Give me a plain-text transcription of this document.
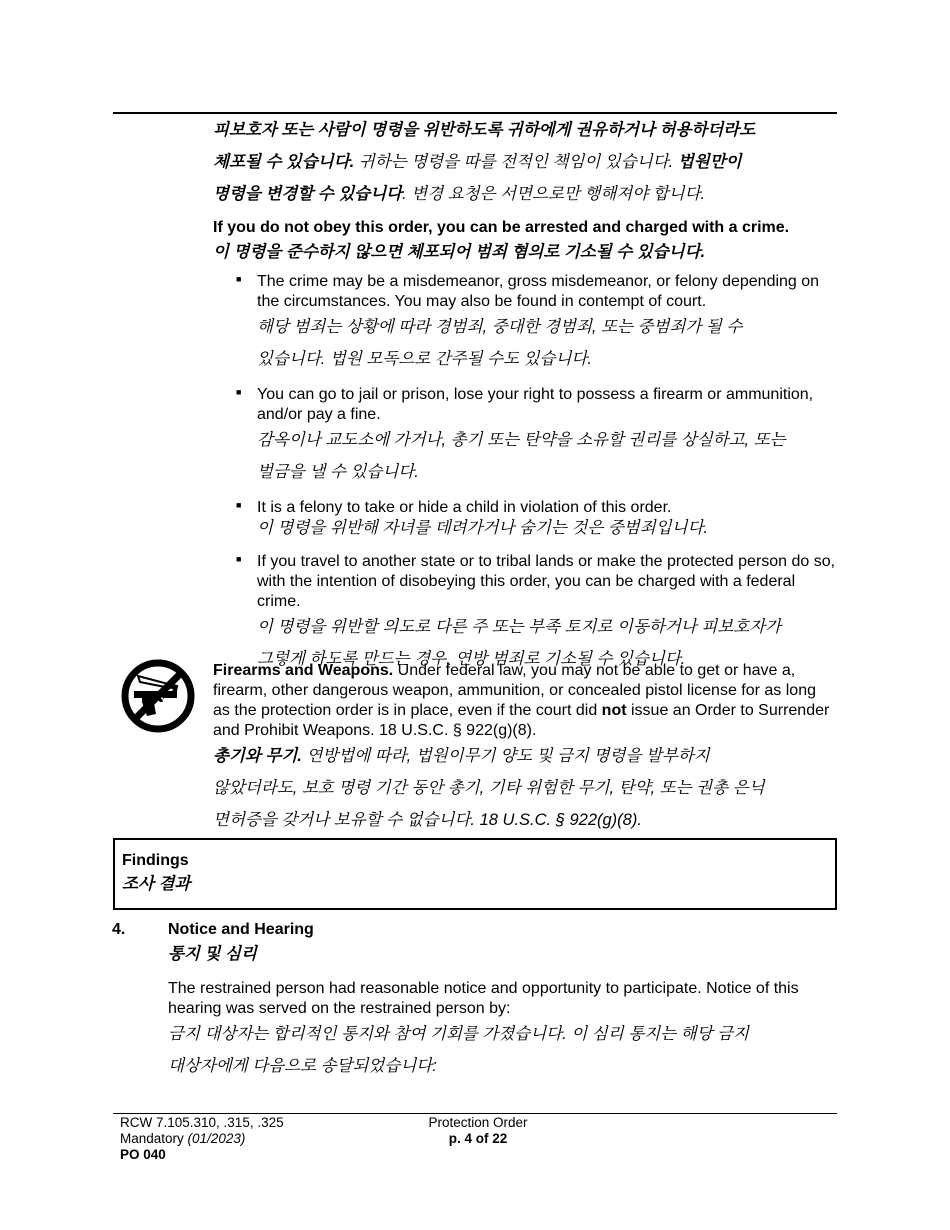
피보호자 또는 사람이 명령을 위반하도록 귀하에게 권유하거나 허용하더라도
체포될 수 있습니다. 귀하는 명령을 따를 전적인 책임이 있습니다. 법원만이
명령을 변경할 수 있습니다. 변경 요청은 서면으로만 행해져야 합니다.
If you do not obey this order, you can be arrested and charged with a crime.
이 명령을 준수하지 않으면 체포되어 범죄 혐의로 기소될 수 있습니다.
■ The crime may be a misdemeanor, gross misdemeanor, or felony depending on the circumstances. You may also be found in contempt of court.
해당 범죄는 상황에 따라 경범죄, 중대한 경범죄, 또는 중범죄가 될 수
있습니다. 법원 모독으로 간주될 수도 있습니다.
■ You can go to jail or prison, lose your right to possess a firearm or ammunition, and/or pay a fine.
감옥이나 교도소에 가거나, 총기 또는 탄약을 소유할 권리를 상실하고, 또는
벌금을 낼 수 있습니다.
■ It is a felony to take or hide a child in violation of this order.
이 명령을 위반해 자녀를 데려가거나 숨기는 것은 중범죄입니다.
■ If you travel to another state or to tribal lands or make the protected person do so, with the intention of disobeying this order, you can be charged with a federal crime.
이 명령을 위반할 의도로 다른 주 또는 부족 토지로 이동하거나 피보호자가
그렇게 하도록 만드는 경우, 연방 범죄로 기소될 수 있습니다.
Firearms and Weapons. Under federal law, you may not be able to get or have a, firearm, other dangerous weapon, ammunition, or concealed pistol license for as long as the protection order is in place, even if the court did not issue an Order to Surrender and Prohibit Weapons. 18 U.S.C. § 922(g)(8).
총기와 무기. 연방법에 따라, 법원이무기 양도 및 금지 명령을 발부하지
않았더라도, 보호 명령 기간 동안 총기, 기타 위험한 무기, 탄약, 또는 권총 은닉
면허증을 갖거나 보유할 수 없습니다. 18 U.S.C. § 922(g)(8).
Findings
조사 결과
4.	Notice and Hearing
통지 및 심리
The restrained person had reasonable notice and opportunity to participate. Notice of this hearing was served on the restrained person by:
금지 대상자는 합리적인 통지와 참여 기회를 가졌습니다. 이 심리 통지는 해당 금지
대상자에게 다음으로 송달되었습니다:
RCW 7.105.310, .315, .325
Mandatory (01/2023)
PO 040
Protection Order
p. 4 of 22
